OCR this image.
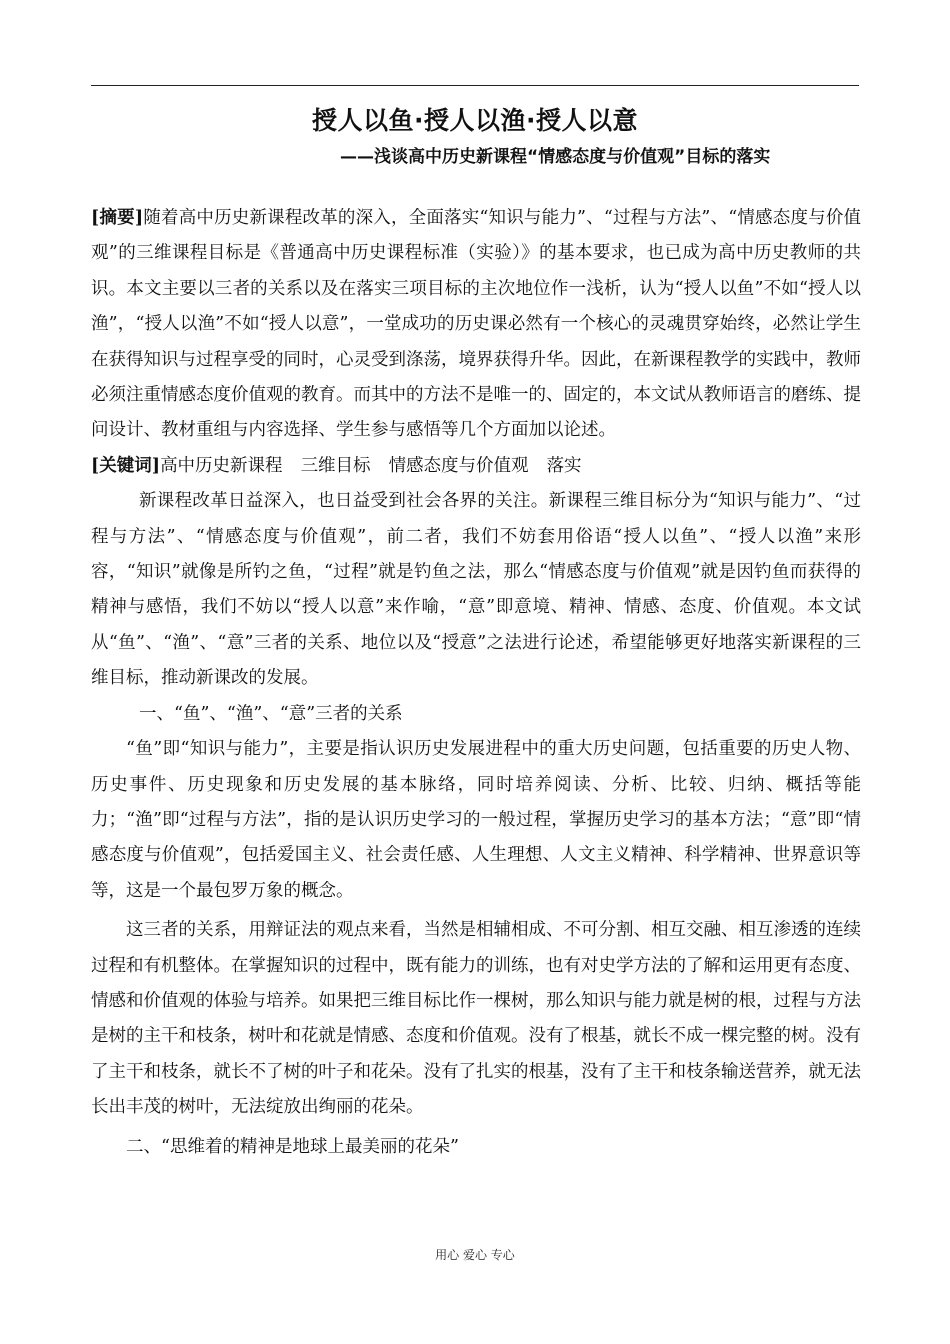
授人以鱼·授人以渔·授人以意
——浅谈高中历史新课程“情感态度与价值观”目标的落实

[摘要]随着高中历史新课程改革的深入，全面落实“知识与能力”、“过程与方法”、“情感态度与价值观”的三维课程目标是《普通高中历史课程标准（实验）》的基本要求，也已成为高中历史教师的共识。本文主要以三者的关系以及在落实三项目标的主次地位作一浅析，认为“授人以鱼”不如“授人以渔”，“授人以渔”不如“授人以意”，一堂成功的历史课必然有一个核心的灵魂贯穿始终，必然让学生在获得知识与过程享受的同时，心灵受到涤荡，境界获得升华。因此，在新课程教学的实践中，教师必须注重情感态度价值观的教育。而其中的方法不是唯一的、固定的，本文试从教师语言的磨练、提问设计、教材重组与内容选择、学生参与感悟等几个方面加以论述。

[关键词]高中历史新课程 三维目标 情感态度与价值观 落实

新课程改革日益深入，也日益受到社会各界的关注。新课程三维目标分为“知识与能力”、“过程与方法”、“情感态度与价值观”，前二者，我们不妨套用俗语“授人以鱼”、“授人以渔”来形容，“知识”就像是所钓之鱼，“过程”就是钓鱼之法，那么“情感态度与价值观”就是因钓鱼而获得的精神与感悟，我们不妨以“授人以意”来作喻，“意”即意境、精神、情感、态度、价值观。本文试从“鱼”、“渔”、“意”三者的关系、地位以及“授意”之法进行论述，希望能够更好地落实新课程的三维目标，推动新课改的发展。

一、“鱼”、“渔”、“意”三者的关系

“鱼”即“知识与能力”，主要是指认识历史发展进程中的重大历史问题，包括重要的历史人物、历史事件、历史现象和历史发展的基本脉络，同时培养阅读、分析、比较、归纳、概括等能力；“渔”即“过程与方法”，指的是认识历史学习的一般过程，掌握历史学习的基本方法；“意”即“情感态度与价值观”，包括爱国主义、社会责任感、人生理想、人文主义精神、科学精神、世界意识等等，这是一个最包罗万象的概念。

这三者的关系，用辩证法的观点来看，当然是相辅相成、不可分割、相互交融、相互渗透的连续过程和有机整体。在掌握知识的过程中，既有能力的训练，也有对史学方法的了解和运用更有态度、情感和价值观的体验与培养。如果把三维目标比作一棵树，那么知识与能力就是树的根，过程与方法是树的主干和枝条，树叶和花就是情感、态度和价值观。没有了根基，就长不成一棵完整的树。没有了主干和枝条，就长不了树的叶子和花朵。没有了扎实的根基，没有了主干和枝条输送营养，就无法长出丰茂的树叶，无法绽放出绚丽的花朵。

二、“思维着的精神是地球上最美丽的花朵”

用心 爱心 专心
